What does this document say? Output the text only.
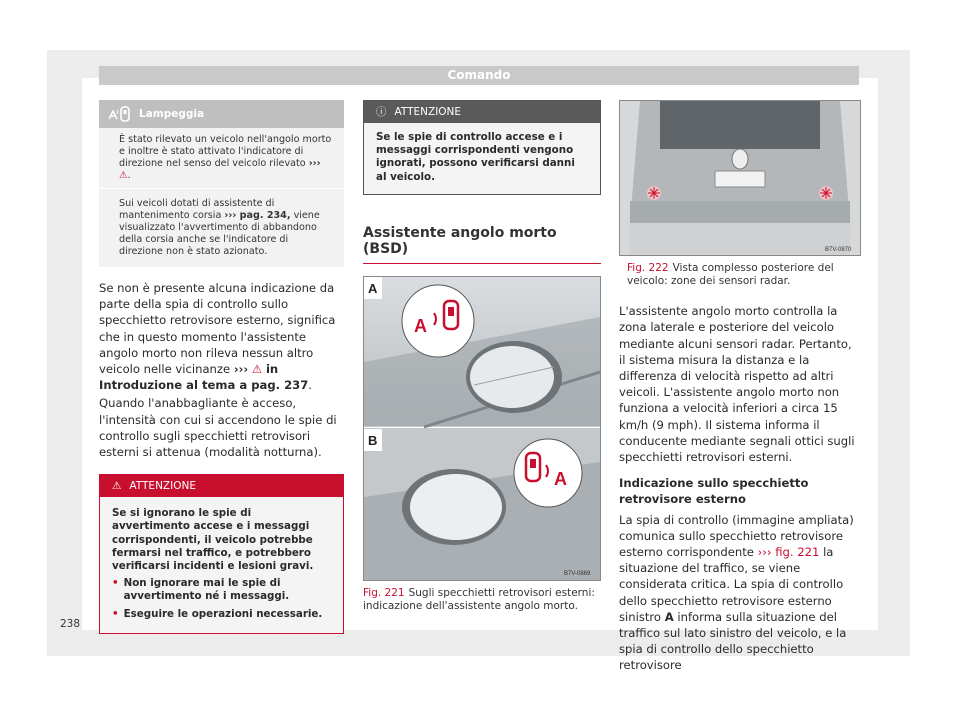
Comando
Lampeggia
È stato rilevato un veicolo nell'angolo morto e inoltre è stato attivato l'indicatore di direzione nel senso del veicolo rilevato ››› ⚠.
Sui veicoli dotati di assistente di mantenimento corsia ››› pag. 234, viene visualizzato l'avvertimento di abbandono della corsia anche se l'indicatore di direzione non è stato azionato.

Se non è presente alcuna indicazione da parte della spia di controllo sullo specchietto retrovisore esterno, significa che in questo momento l'assistente angolo morto non rileva nessun altro veicolo nelle vicinanze ››› ⚠ in Introduzione al tema a pag. 237.

Quando l'anabbagliante è acceso, l'intensità con cui si accendono le spie di controllo sugli specchietti retrovisori esterni si attenua (modalità notturna).

⚠ ATTENZIONE
Se si ignorano le spie di avvertimento accese e i messaggi corrispondenti, il veicolo potrebbe fermarsi nel traffico, e potrebbero verificarsi incidenti e lesioni gravi.
• Non ignorare mai le spie di avvertimento né i messaggi.
• Eseguire le operazioni necessarie.
ⓘ ATTENZIONE
Se le spie di controllo accese e i messaggi corrispondenti vengono ignorati, possono verificarsi danni al veicolo.
Assistente angolo morto (BSD)
A
A
A
B
B7V-0869
Fig. 221 Sugli specchietti retrovisori esterni: indicazione dell'assistente angolo morto.
B7V-0870
Fig. 222 Vista complesso posteriore del veicolo: zone dei sensori radar.

L'assistente angolo morto controlla la zona laterale e posteriore del veicolo mediante alcuni sensori radar. Pertanto, il sistema misura la distanza e la differenza di velocità rispetto ad altri veicoli. L'assistente angolo morto non funziona a velocità inferiori a circa 15 km/h (9 mph). Il sistema informa il conducente mediante segnali ottici sugli specchietti retrovisori esterni.

Indicazione sullo specchietto retrovisore esterno

La spia di controllo (immagine ampliata) comunica sullo specchietto retrovisore esterno corrispondente ››› fig. 221 la situazione del traffico, se viene considerata critica. La spia di controllo dello specchietto retrovisore esterno sinistro A informa sulla situazione del traffico sul lato sinistro del veicolo, e la spia di controllo dello specchietto retrovisore

238
